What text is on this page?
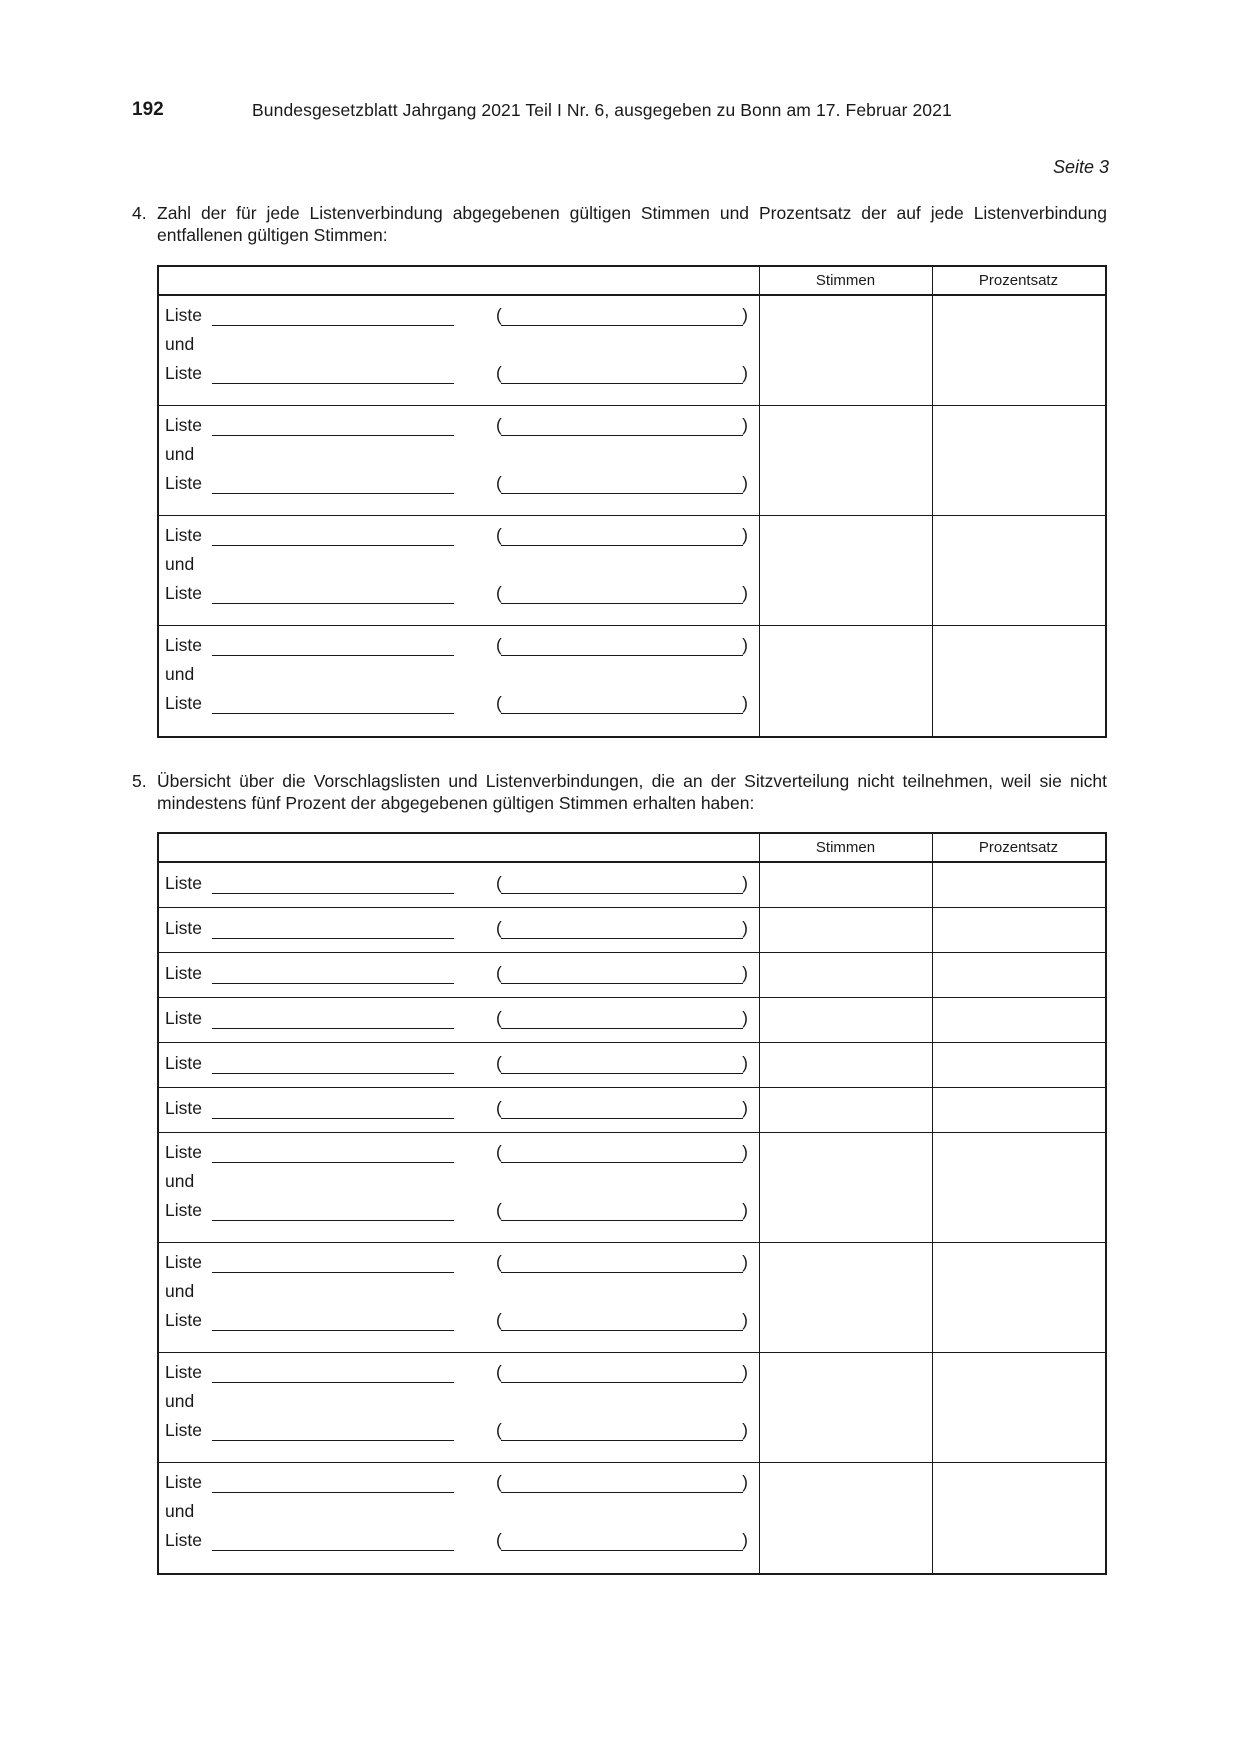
192	Bundesgesetzblatt Jahrgang 2021 Teil I Nr. 6, ausgegeben zu Bonn am 17. Februar 2021
Seite 3
4. Zahl der für jede Listenverbindung abgegebenen gültigen Stimmen und Prozentsatz der auf jede Listenverbindung entfallenen gültigen Stimmen:
Stimmen	Prozentsatz
Liste	(	)
und
Liste	(	)
Liste	(	)
und
Liste	(	)
Liste	(	)
und
Liste	(	)
Liste	(	)
und
Liste	(	)
5. Übersicht über die Vorschlagslisten und Listenverbindungen, die an der Sitzverteilung nicht teilnehmen, weil sie nicht mindestens fünf Prozent der abgegebenen gültigen Stimmen erhalten haben:
Stimmen	Prozentsatz
Liste	(	)
Liste	(	)
Liste	(	)
Liste	(	)
Liste	(	)
Liste	(	)
Liste	(	)
und
Liste	(	)
Liste	(	)
und
Liste	(	)
Liste	(	)
und
Liste	(	)
Liste	(	)
und
Liste	(	)
